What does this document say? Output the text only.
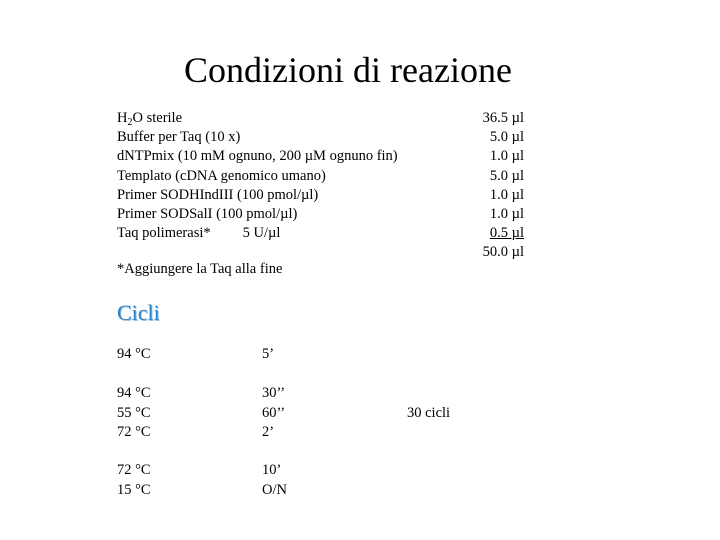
Condizioni di reazione
$H_2O$ sterile
Buffer per Taq (10 x)
dNTPmix (10 mM ognuno, 200 µM ognuno fin)
Templato (cDNA genomico umano)
Primer SODHIndIII (100 pmol/µl)
Primer SODSalI (100 pmol/µl)
Taq polimerasi* 5 U/µl
36.5 µl
5.0 µl
1.0 µl
5.0 µl
1.0 µl
1.0 µl
0.5 µl
50.0 µl
*Aggiungere la Taq alla fine
Cicli
94 °C	5’
94 °C
55 °C
72 °C
30’’
60’’
2’
30 cicli
72 °C
15 °C
10’
O/N
